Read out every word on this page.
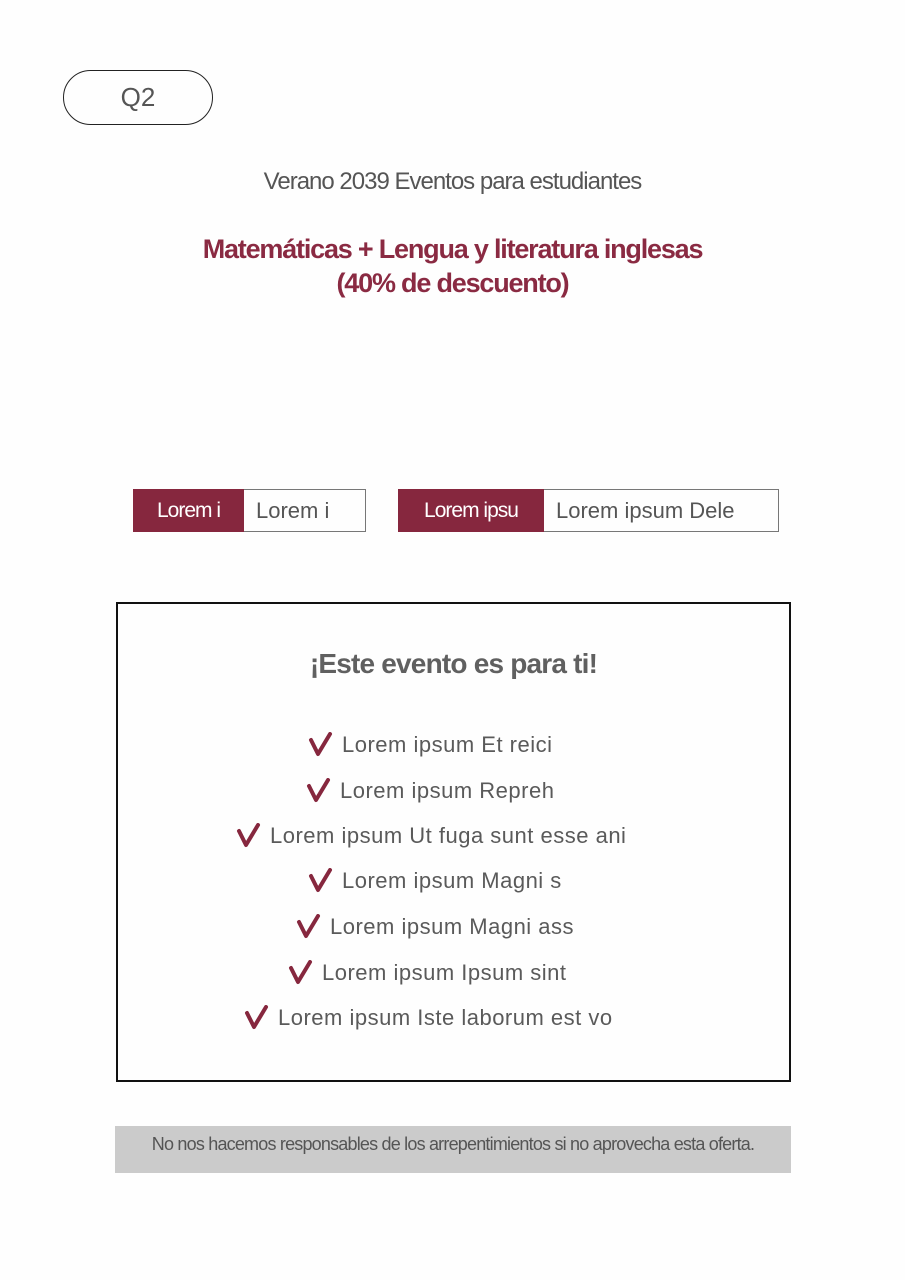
Q2
Verano 2039 Eventos para estudiantes
Matemáticas + Lengua y literatura inglesas
(40% de descuento)
Lorem i	Lorem i	Lorem ipsu	Lorem ipsum Dele
¡Este evento es para ti!
Lorem ipsum Et reici
Lorem ipsum Repreh
Lorem ipsum Ut fuga sunt esse ani
Lorem ipsum Magni s
Lorem ipsum Magni ass
Lorem ipsum Ipsum sint
Lorem ipsum Iste laborum est vo
No nos hacemos responsables de los arrepentimientos si no aprovecha esta oferta.
